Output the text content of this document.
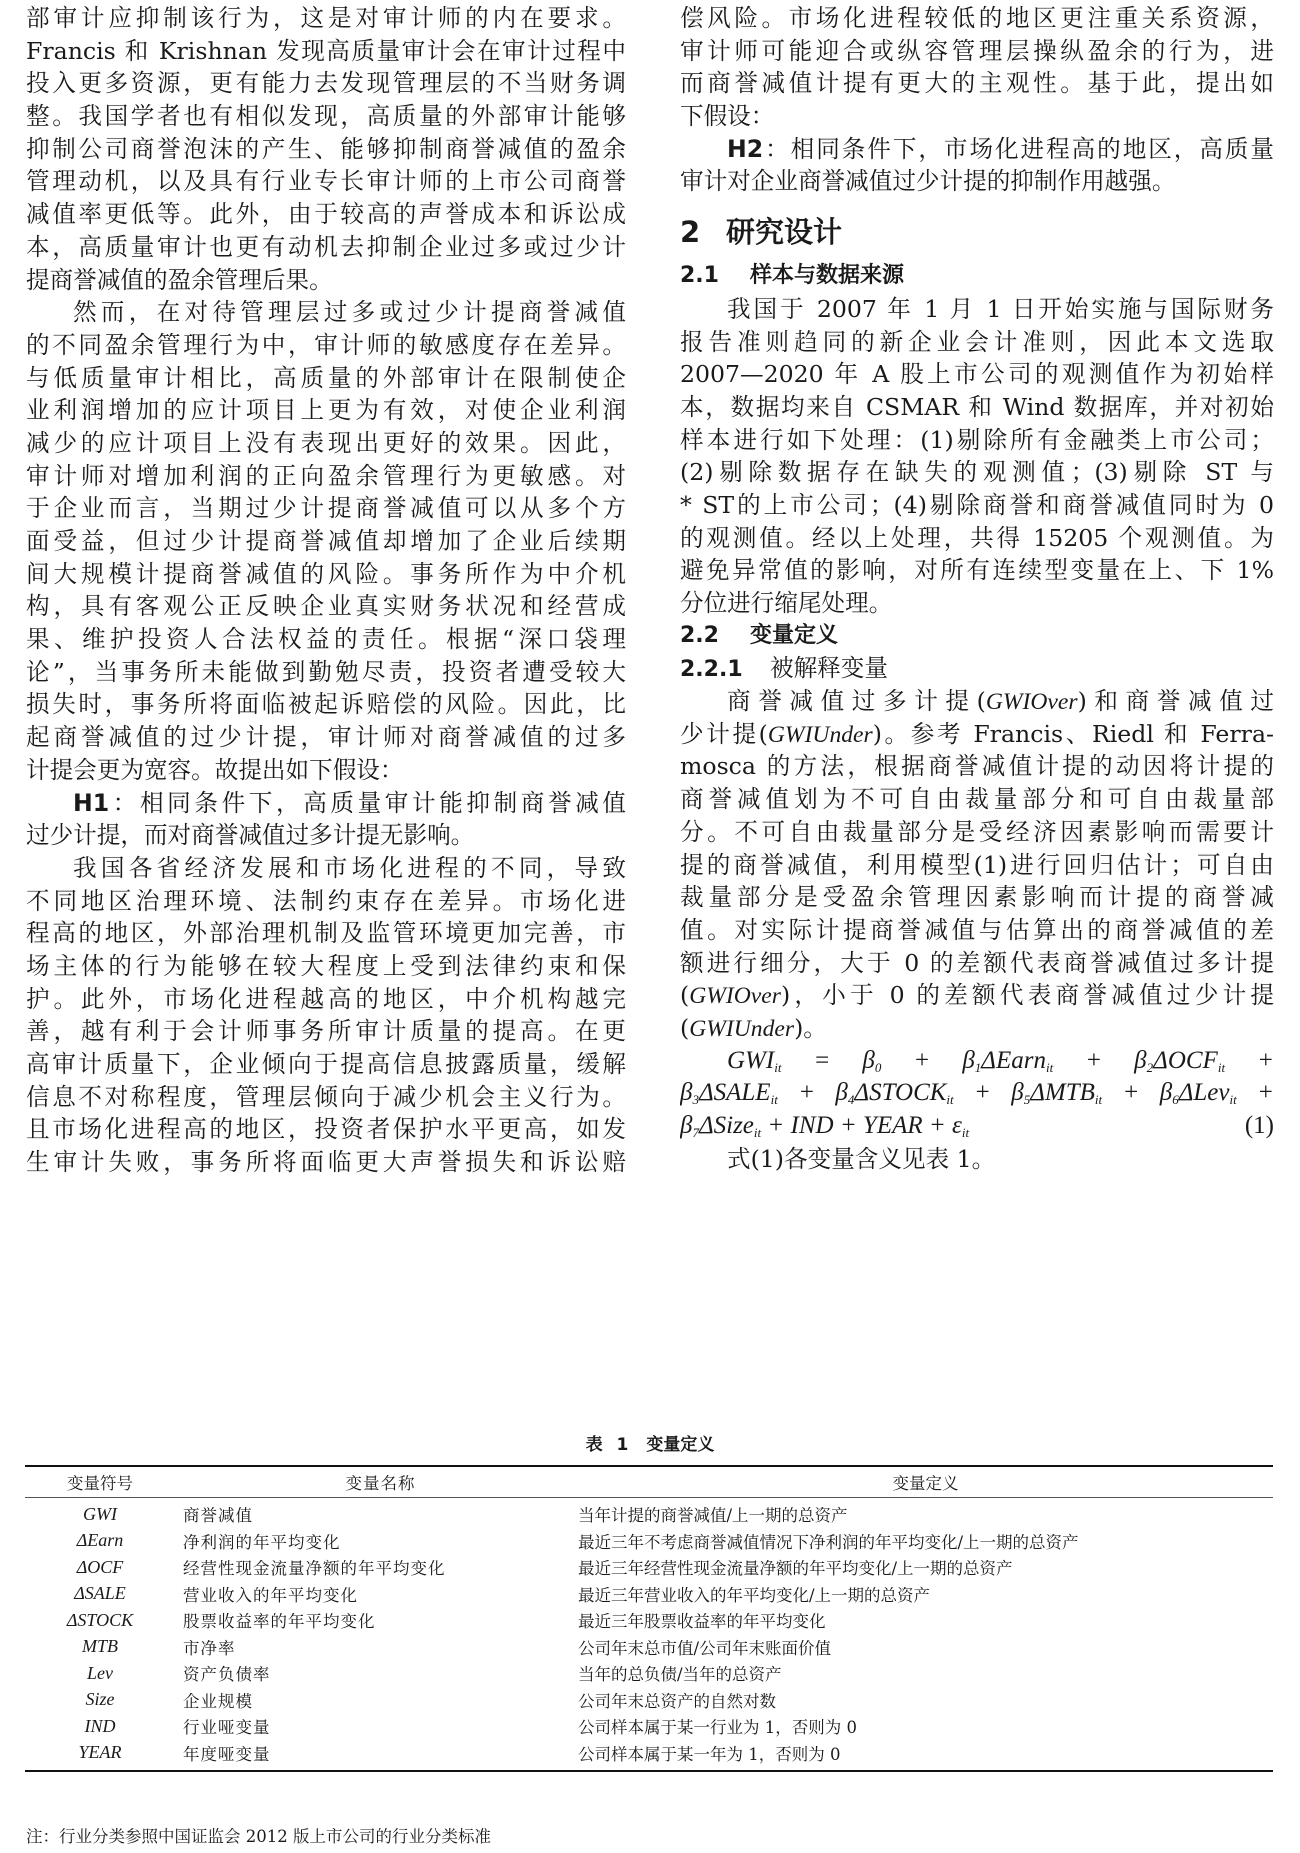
部审计应抑制该行为，这是对审计师的内在要求。
Francis 和 Krishnan 发现高质量审计会在审计过程中
投入更多资源，更有能力去发现管理层的不当财务调
整。我国学者也有相似发现，高质量的外部审计能够
抑制公司商誉泡沫的产生、能够抑制商誉减值的盈余
管理动机，以及具有行业专长审计师的上市公司商誉
减值率更低等。此外，由于较高的声誉成本和诉讼成
本，高质量审计也更有动机去抑制企业过多或过少计
提商誉减值的盈余管理后果。
然而，在对待管理层过多或过少计提商誉减值
的不同盈余管理行为中，审计师的敏感度存在差异。
与低质量审计相比，高质量的外部审计在限制使企
业利润增加的应计项目上更为有效，对使企业利润
减少的应计项目上没有表现出更好的效果。因此，
审计师对增加利润的正向盈余管理行为更敏感。对
于企业而言，当期过少计提商誉减值可以从多个方
面受益，但过少计提商誉减值却增加了企业后续期
间大规模计提商誉减值的风险。事务所作为中介机
构，具有客观公正反映企业真实财务状况和经营成
果、维护投资人合法权益的责任。根据“深口袋理
论”，当事务所未能做到勤勉尽责，投资者遭受较大
损失时，事务所将面临被起诉赔偿的风险。因此，比
起商誉减值的过少计提，审计师对商誉减值的过多
计提会更为宽容。故提出如下假设：
H1：相同条件下，高质量审计能抑制商誉减值
过少计提，而对商誉减值过多计提无影响。
我国各省经济发展和市场化进程的不同，导致
不同地区治理环境、法制约束存在差异。市场化进
程高的地区，外部治理机制及监管环境更加完善，市
场主体的行为能够在较大程度上受到法律约束和保
护。此外，市场化进程越高的地区，中介机构越完
善，越有利于会计师事务所审计质量的提高。在更
高审计质量下，企业倾向于提高信息披露质量，缓解
信息不对称程度，管理层倾向于减少机会主义行为。
且市场化进程高的地区，投资者保护水平更高，如发
生审计失败，事务所将面临更大声誉损失和诉讼赔
偿风险。市场化进程较低的地区更注重关系资源，
审计师可能迎合或纵容管理层操纵盈余的行为，进
而商誉减值计提有更大的主观性。基于此，提出如
下假设：
H2：相同条件下，市场化进程高的地区，高质量
审计对企业商誉减值过少计提的抑制作用越强。
2 研究设计
2.1 样本与数据来源
我国于 2007 年 1 月 1 日开始实施与国际财务
报告准则趋同的新企业会计准则，因此本文选取
2007—2020 年 A 股上市公司的观测值作为初始样
本，数据均来自 CSMAR 和 Wind 数据库，并对初始
样本进行如下处理：(1)剔除所有金融类上市公司；
(2)剔除数据存在缺失的观测值；(3)剔除 ST 与
* ST的上市公司；(4)剔除商誉和商誉减值同时为 0
的观测值。经以上处理，共得 15205 个观测值。为
避免异常值的影响，对所有连续型变量在上、下 1%
分位进行缩尾处理。
2.2 变量定义
2.2.1 被解释变量
商誉减值过多计提(GWIOver)和商誉减值过
少计提(GWIUnder)。参考 Francis、Riedl 和 Ferra-
mosca 的方法，根据商誉减值计提的动因将计提的
商誉减值划为不可自由裁量部分和可自由裁量部
分。不可自由裁量部分是受经济因素影响而需要计
提的商誉减值，利用模型(1)进行回归估计；可自由
裁量部分是受盈余管理因素影响而计提的商誉减
值。对实际计提商誉减值与估算出的商誉减值的差
额进行细分，大于 0 的差额代表商誉减值过多计提
(GWIOver)，小于 0 的差额代表商誉减值过少计提
(GWIUnder)。
$GWI_{it} = \beta_0$  +  $\beta_1\Delta Earn_{it} + \beta_2\Delta OCF_{it}$  +
$\beta_3\Delta SALE_{it}$ + $\beta_4\Delta STOCK_{it} + \beta_5\Delta MTB_{it} + \beta_6\Delta Lev_{it}$ +
$\beta_7\Delta Size_{it}$ + IND + YEAR + $\varepsilon_{it}$	(1)
式(1)各变量含义见表 1。
表 1 变量定义
变量符号	变量名称	变量定义
GWI	商誉减值	当年计提的商誉减值/上一期的总资产
ΔEarn	净利润的年平均变化	最近三年不考虑商誉减值情况下净利润的年平均变化/上一期的总资产
ΔOCF	经营性现金流量净额的年平均变化	最近三年经营性现金流量净额的年平均变化/上一期的总资产
ΔSALE	营业收入的年平均变化	最近三年营业收入的年平均变化/上一期的总资产
ΔSTOCK	股票收益率的年平均变化	最近三年股票收益率的年平均变化
MTB	市净率	公司年末总市值/公司年末账面价值
Lev	资产负债率	当年的总负债/当年的总资产
Size	企业规模	公司年末总资产的自然对数
IND	行业哑变量	公司样本属于某一行业为 1，否则为 0
YEAR	年度哑变量	公司样本属于某一年为 1，否则为 0
注：行业分类参照中国证监会 2012 版上市公司的行业分类标准
